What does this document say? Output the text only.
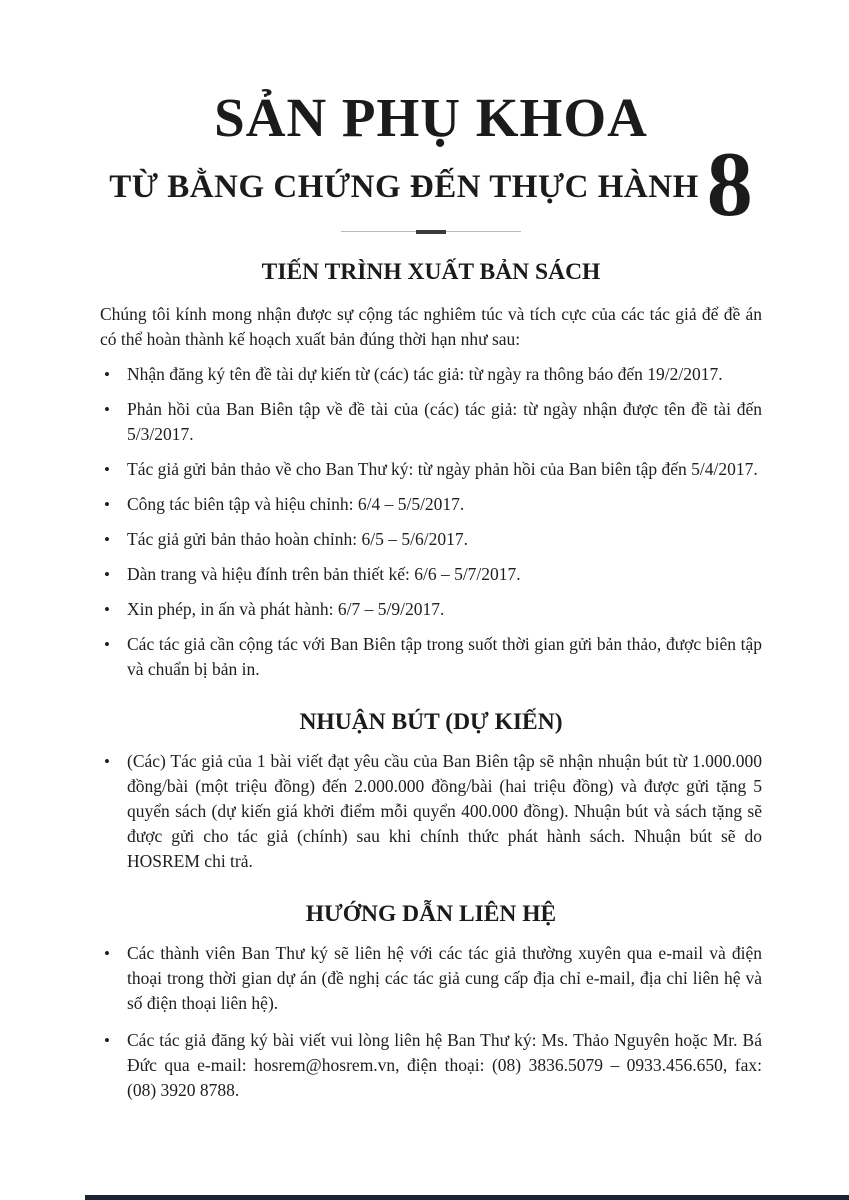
SẢN PHỤ KHOA
TỪ BẰNG CHỨNG ĐẾN THỰC HÀNH 8
TIẾN TRÌNH XUẤT BẢN SÁCH

Chúng tôi kính mong nhận được sự cộng tác nghiêm túc và tích cực của các tác giả để đề án có thể hoàn thành kế hoạch xuất bản đúng thời hạn như sau:

•
Nhận đăng ký tên đề tài dự kiến từ (các) tác giả: từ ngày ra thông báo đến 19/2/2017.
•
Phản hồi của Ban Biên tập về đề tài của (các) tác giả: từ ngày nhận được tên đề tài đến 5/3/2017.
•
Tác giả gửi bản thảo về cho Ban Thư ký: từ ngày phản hồi của Ban biên tập đến 5/4/2017.
•
Công tác biên tập và hiệu chỉnh: 6/4 – 5/5/2017.
•
Tác giả gửi bản thảo hoàn chỉnh: 6/5 – 5/6/2017.
•
Dàn trang và hiệu đính trên bản thiết kế: 6/6 – 5/7/2017.
•
Xin phép, in ấn và phát hành: 6/7 – 5/9/2017.
•
Các tác giả cần cộng tác với Ban Biên tập trong suốt thời gian gửi bản thảo, được biên tập và chuẩn bị bản in.
NHUẬN BÚT (DỰ KIẾN)
•
(Các) Tác giả của 1 bài viết đạt yêu cầu của Ban Biên tập sẽ nhận nhuận bút từ 1.000.000 đồng/bài (một triệu đồng) đến 2.000.000 đồng/bài (hai triệu đồng) và được gửi tặng 5 quyển sách (dự kiến giá khởi điểm mỗi quyển 400.000 đồng). Nhuận bút và sách tặng sẽ được gửi cho tác giả (chính) sau khi chính thức phát hành sách. Nhuận bút sẽ do HOSREM chi trả.
HƯỚNG DẪN LIÊN HỆ
•
Các thành viên Ban Thư ký sẽ liên hệ với các tác giả thường xuyên qua e-mail và điện thoại trong thời gian dự án (đề nghị các tác giả cung cấp địa chỉ e-mail, địa chỉ liên hệ và số điện thoại liên hệ).
•
Các tác giả đăng ký bài viết vui lòng liên hệ Ban Thư ký: Ms. Thảo Nguyên hoặc Mr. Bá Đức qua e-mail: hosrem@hosrem.vn, điện thoại: (08) 3836.5079 – 0933.456.650, fax: (08) 3920 8788.
